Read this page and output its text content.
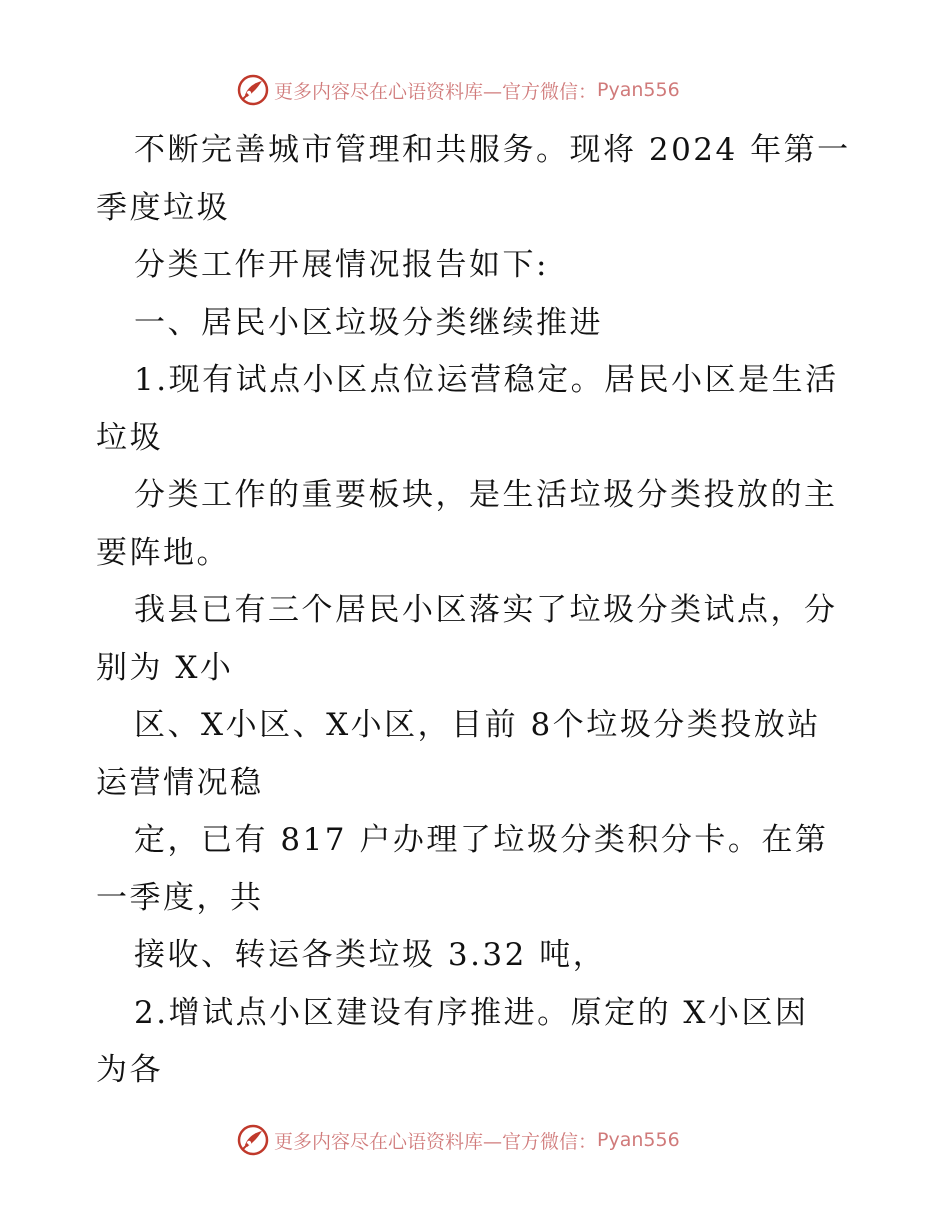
更多内容尽在心语资料库—官方微信： Pyan556
不断完善城市管理和共服务。现将 2024 年第一
季度垃圾
分类工作开展情况报告如下:
一、居民小区垃圾分类继续推进
1.现有试点小区点位运营稳定。居民小区是生活
垃圾
分类工作的重要板块，是生活垃圾分类投放的主
要阵地。
我县已有三个居民小区落实了垃圾分类试点，分
别为 X小
区、X小区、X小区，目前 8个垃圾分类投放站
运营情况稳
定，已有 817 户办理了垃圾分类积分卡。在第
一季度，共
接收、转运各类垃圾 3.32 吨，
2.增试点小区建设有序推进。原定的 X小区因
为各
更多内容尽在心语资料库—官方微信： Pyan556
